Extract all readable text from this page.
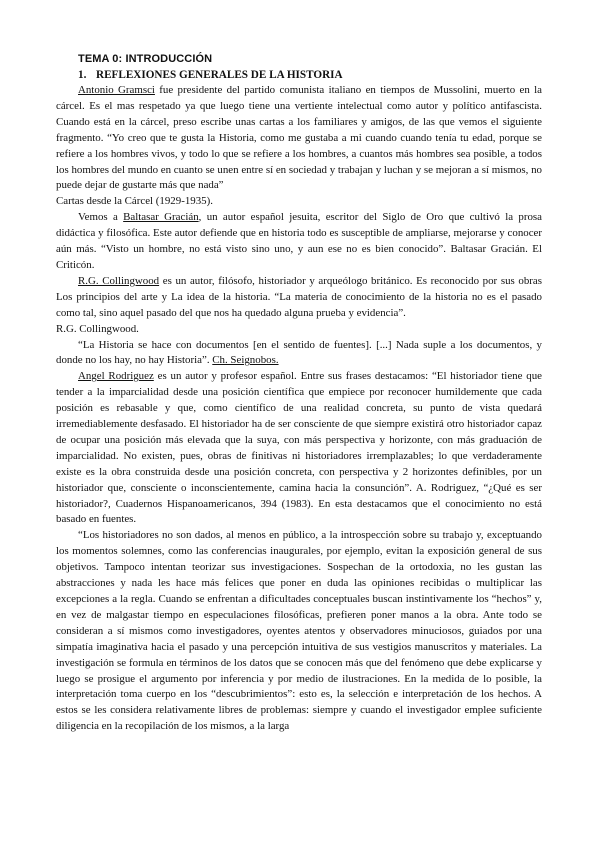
TEMA 0: INTRODUCCIÓN
1. REFLEXIONES GENERALES DE LA HISTORIA

Antonio Gramsci fue presidente del partido comunista italiano en tiempos de Mussolini, muerto en la cárcel. Es el mas respetado ya que luego tiene una vertiente intelectual como autor y político antifascista. Cuando está en la cárcel, preso escribe unas cartas a los familiares y amigos, de las que vemos el siguiente fragmento. “Yo creo que te gusta la Historia, como me gustaba a mi cuando cuando tenía tu edad, porque se refiere a los hombres vivos, y todo lo que se refiere a los hombres, a cuantos más hombres sea posible, a todos los hombres del mundo en cuanto se unen entre sí en sociedad y trabajan y luchan y se mejoran a sí mismos, no puede dejar de gustarte más que nada”

Cartas desde la Cárcel (1929-1935).

Vemos a Baltasar Gracián, un autor español jesuita, escritor del Siglo de Oro que cultivó la prosa didáctica y filosófica. Este autor defiende que en historia todo es susceptible de ampliarse, mejorarse y conocer aún más. “Visto un hombre, no está visto sino uno, y aun ese no es bien conocido”. Baltasar Gracián. El Criticón.

R.G. Collingwood es un autor, filósofo, historiador y arqueólogo británico. Es reconocido por sus obras Los principios del arte y La idea de la historia. “La materia de conocimiento de la historia no es el pasado como tal, sino aquel pasado del que nos ha quedado alguna prueba y evidencia”.

R.G. Collingwood.

“La Historia se hace con documentos [en el sentido de fuentes]. [...] Nada suple a los documentos, y donde no los hay, no hay Historia”. Ch. Seignobos.

Angel Rodriguez es un autor y profesor español. Entre sus frases destacamos: “El historiador tiene que tender a la imparcialidad desde una posición científica que empiece por reconocer humildemente que cada posición es rebasable y que, como científico de una realidad concreta, su punto de vista quedará irremediablemente desfasado. El historiador ha de ser consciente de que siempre existirá otro historiador capaz de ocupar una posición más elevada que la suya, con más perspectiva y horizonte, con más graduación de imparcialidad. No existen, pues, obras de finitivas ni historiadores irremplazables; lo que verdaderamente existe es la obra construida desde una posición concreta, con perspectiva y 2 horizontes definibles, por un historiador que, consciente o inconscientemente, camina hacia la consunción”. A. Rodriguez, “¿Qué es ser historiador?, Cuadernos Hispanoamericanos, 394 (1983). En esta destacamos que el conocimiento no está basado en fuentes.

“Los historiadores no son dados, al menos en público, a la introspección sobre su trabajo y, exceptuando los momentos solemnes, como las conferencias inaugurales, por ejemplo, evitan la exposición general de sus objetivos. Tampoco intentan teorizar sus investigaciones. Sospechan de la ortodoxia, no les gustan las abstracciones y nada les hace más felices que poner en duda las opiniones recibidas o multiplicar las excepciones a la regla. Cuando se enfrentan a dificultades conceptuales buscan instintivamente los “hechos” y, en vez de malgastar tiempo en especulaciones filosóficas, prefieren poner manos a la obra. Ante todo se consideran a sí mismos como investigadores, oyentes atentos y observadores minuciosos, guiados por una simpatía imaginativa hacia el pasado y una percepción intuitiva de sus vestigios manuscritos y materiales. La investigación se formula en términos de los datos que se conocen más que del fenómeno que debe explicarse y luego se prosigue el argumento por inferencia y por medio de ilustraciones. En la medida de lo posible, la interpretación toma cuerpo en los “descubrimientos”: esto es, la selección e interpretación de los hechos. A estos se les considera relativamente libres de problemas: siempre y cuando el investigador emplee suficiente diligencia en la recopilación de los mismos, a la larga
